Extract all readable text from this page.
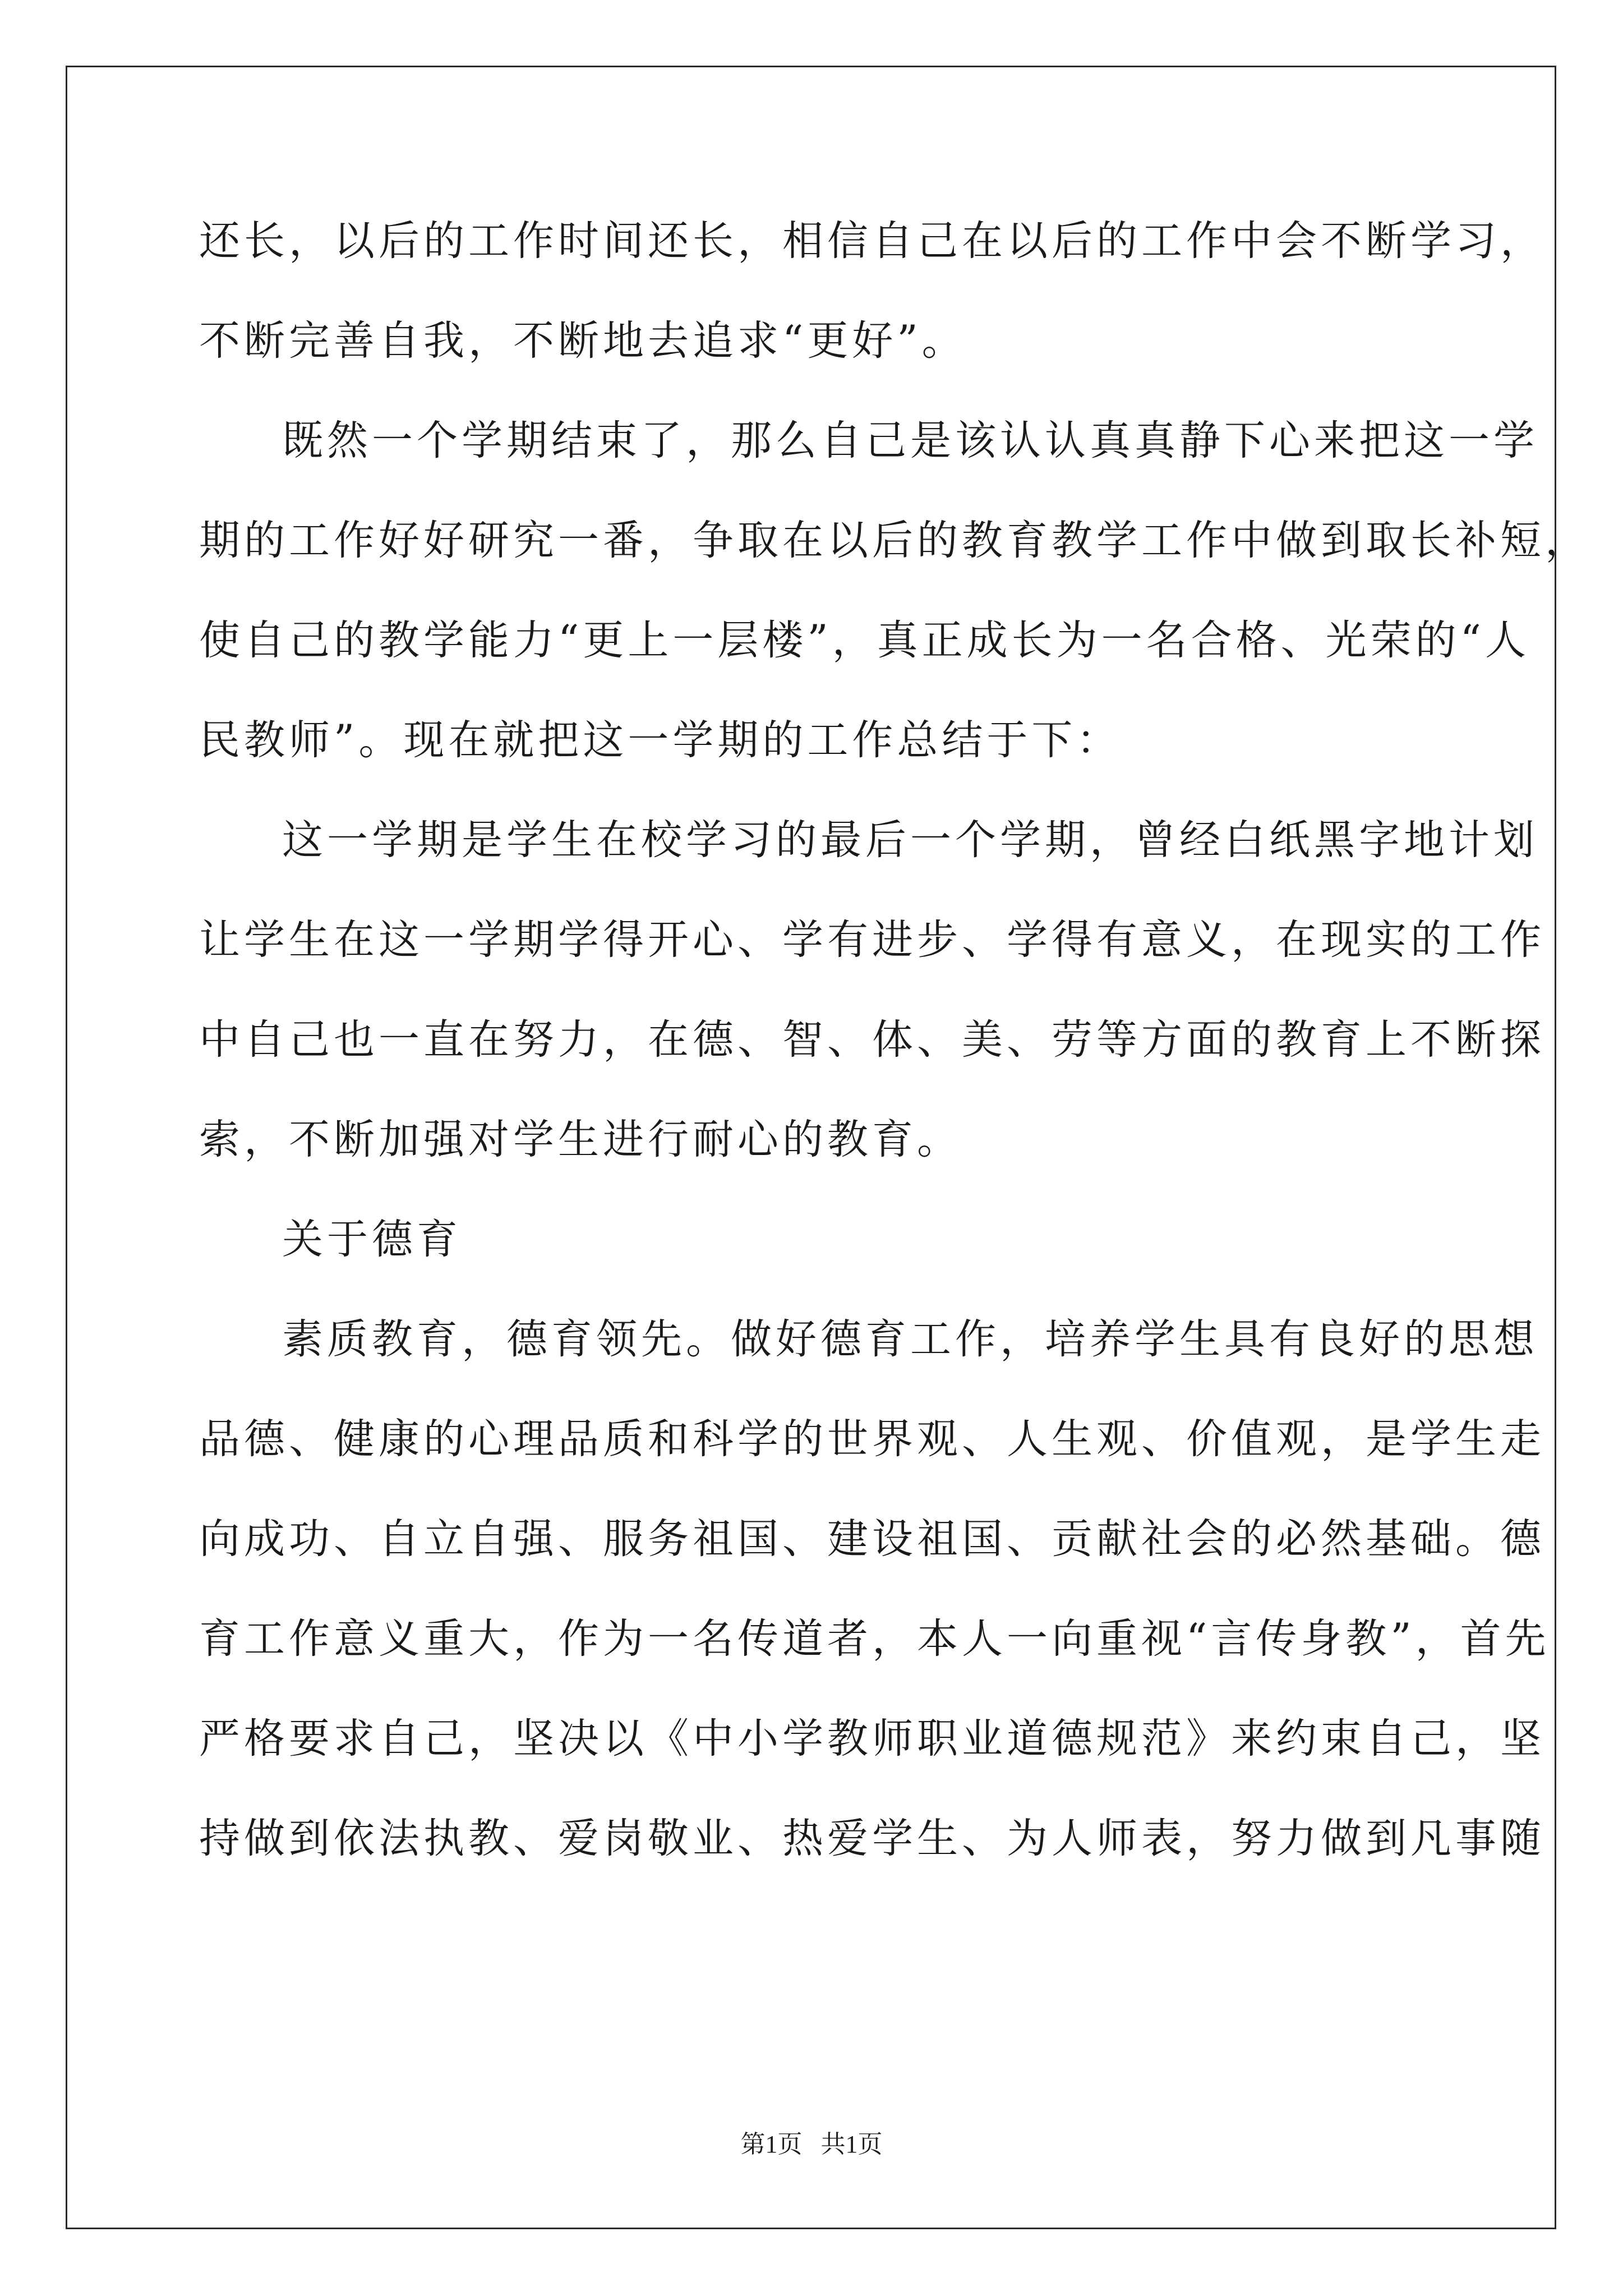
还长，以后的工作时间还长，相信自己在以后的工作中会不断学习，
不断完善自我，不断地去追求“更好”。
既然一个学期结束了，那么自己是该认认真真静下心来把这一学
期的工作好好研究一番，争取在以后的教育教学工作中做到取长补短，
使自己的教学能力“更上一层楼”，真正成长为一名合格、光荣的“人
民教师”。现在就把这一学期的工作总结于下：
这一学期是学生在校学习的最后一个学期，曾经白纸黑字地计划
让学生在这一学期学得开心、学有进步、学得有意义，在现实的工作
中自己也一直在努力，在德、智、体、美、劳等方面的教育上不断探
索，不断加强对学生进行耐心的教育。
关于德育
素质教育，德育领先。做好德育工作，培养学生具有良好的思想
品德、健康的心理品质和科学的世界观、人生观、价值观，是学生走
向成功、自立自强、服务祖国、建设祖国、贡献社会的必然基础。德
育工作意义重大，作为一名传道者，本人一向重视“言传身教”，首先
严格要求自己，坚决以《中小学教师职业道德规范》来约束自己，坚
持做到依法执教、爱岗敬业、热爱学生、为人师表，努力做到凡事随
第1页   共1页
